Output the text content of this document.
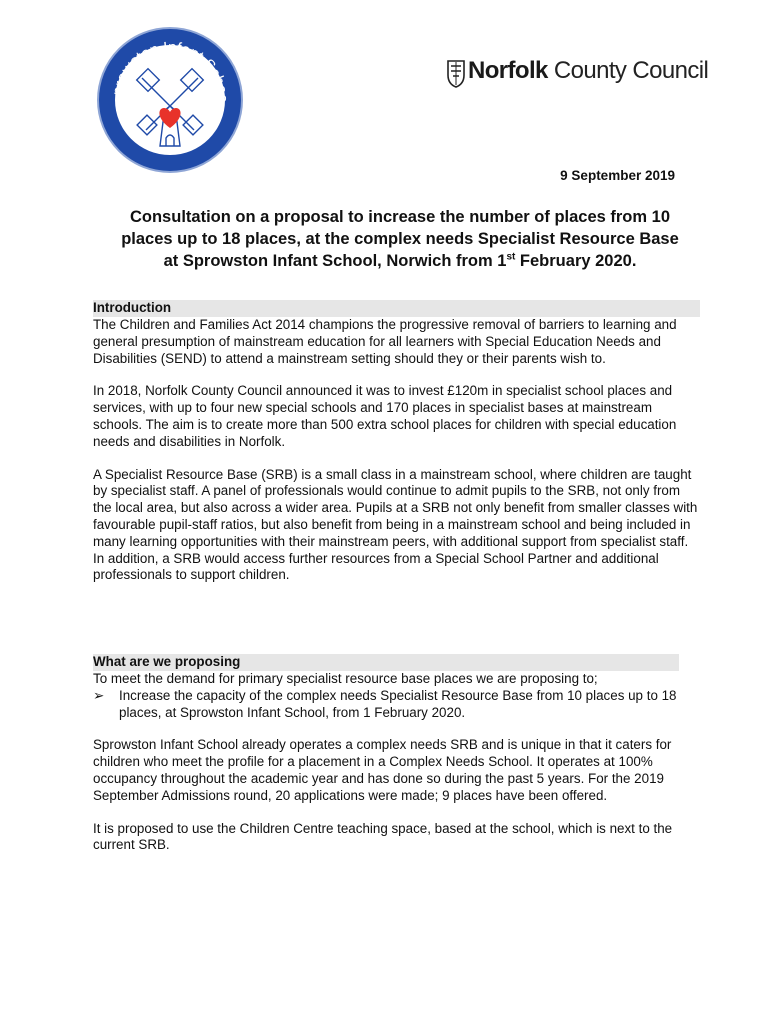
prowston Infant Schoo
Norfolk County Council
9 September 2019
Consultation on a proposal to increase the number of places from 10
places up to 18 places, at the complex needs Specialist Resource Base
at Sprowston Infant School, Norwich from 1st February 2020.
Introduction

The Children and Families Act 2014 champions the progressive removal of barriers to learning and general presumption of mainstream education for all learners with Special Education Needs and Disabilities (SEND) to attend a mainstream setting should they or their parents wish to.

In 2018, Norfolk County Council announced it was to invest £120m in specialist school places and services, with up to four new special schools and 170 places in specialist bases at mainstream schools. The aim is to create more than 500 extra school places for children with special education needs and disabilities in Norfolk.

A Specialist Resource Base (SRB) is a small class in a mainstream school, where children are taught by specialist staff. A panel of professionals would continue to admit pupils to the SRB, not only from the local area, but also across a wider area. Pupils at a SRB not only benefit from smaller classes with favourable pupil-staff ratios, but also benefit from being in a mainstream school and being included in many learning opportunities with their mainstream peers, with additional support from specialist staff. In addition, a SRB would access further resources from a Special School Partner and additional professionals to support children.

What are we proposing
To meet the demand for primary specialist resource base places we are proposing to;
➢	Increase the capacity of the complex needs Specialist Resource Base from 10 places up to 18 places, at Sprowston Infant School, from 1 February 2020.

Sprowston Infant School already operates a complex needs SRB and is unique in that it caters for children who meet the profile for a placement in a Complex Needs School. It operates at 100% occupancy throughout the academic year and has done so during the past 5 years. For the 2019 September Admissions round, 20 applications were made; 9 places have been offered.

It is proposed to use the Children Centre teaching space, based at the school, which is next to the current SRB.
